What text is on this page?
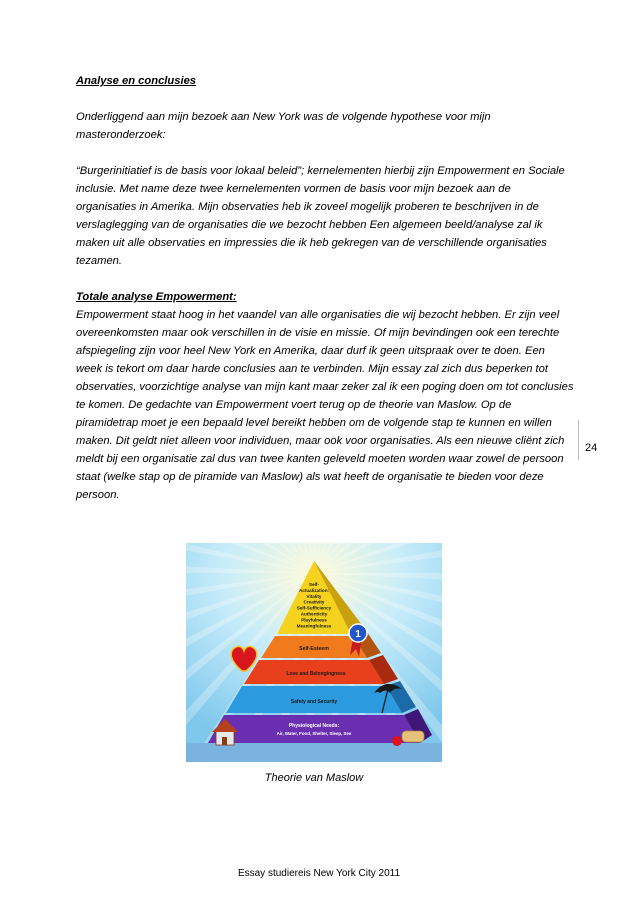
Analyse en conclusies

Onderliggend aan mijn bezoek aan New York was de volgende hypothese voor mijn masteronderzoek:

“Burgerinitiatief is de basis voor lokaal beleid”; kernelementen hierbij zijn Empowerment en Sociale inclusie. Met name deze twee kernelementen vormen de basis voor mijn bezoek aan de organisaties in Amerika. Mijn observaties heb ik zoveel mogelijk proberen te beschrijven in de verslaglegging van de organisaties die we bezocht hebben Een algemeen beeld/analyse zal ik maken uit alle observaties en impressies die ik heb gekregen van de verschillende organisaties tezamen.

Totale analyse Empowerment:

Empowerment staat hoog in het vaandel van alle organisaties die wij bezocht hebben. Er zijn veel overeenkomsten maar ook verschillen in de visie en missie. Of mijn bevindingen ook een terechte afspiegeling zijn voor heel New York en Amerika, daar durf ik geen uitspraak over te doen. Een week is tekort om daar harde conclusies aan te verbinden. Mijn essay zal zich dus beperken tot observaties, voorzichtige analyse van mijn kant maar zeker zal ik een poging doen om tot conclusies te komen. De gedachte van Empowerment voert terug op de theorie van Maslow. Op de piramidetrap moet je een bepaald level bereikt hebben om de volgende stap te kunnen en willen maken. Dit geldt niet alleen voor individuen, maar ook voor organisaties. Als een nieuwe cliënt zich meldt bij een organisatie zal dus van twee kanten geleveld moeten worden waar zowel de persoon staat (welke stap op de piramide van Maslow) als wat heeft de organisatie te bieden voor deze persoon.

24
Self-
Actualization:
Vitality
Creativity
Self-Sufficiency
Authenticity
Playfulness
Meaningfulness
Self-Esteem
Love and Belongingness
Safety and Security
Physiological Needs:
Air, Water, Food, Shelter, Sleep, Sex
1
Theorie van Maslow
Essay studiereis New York City 2011
